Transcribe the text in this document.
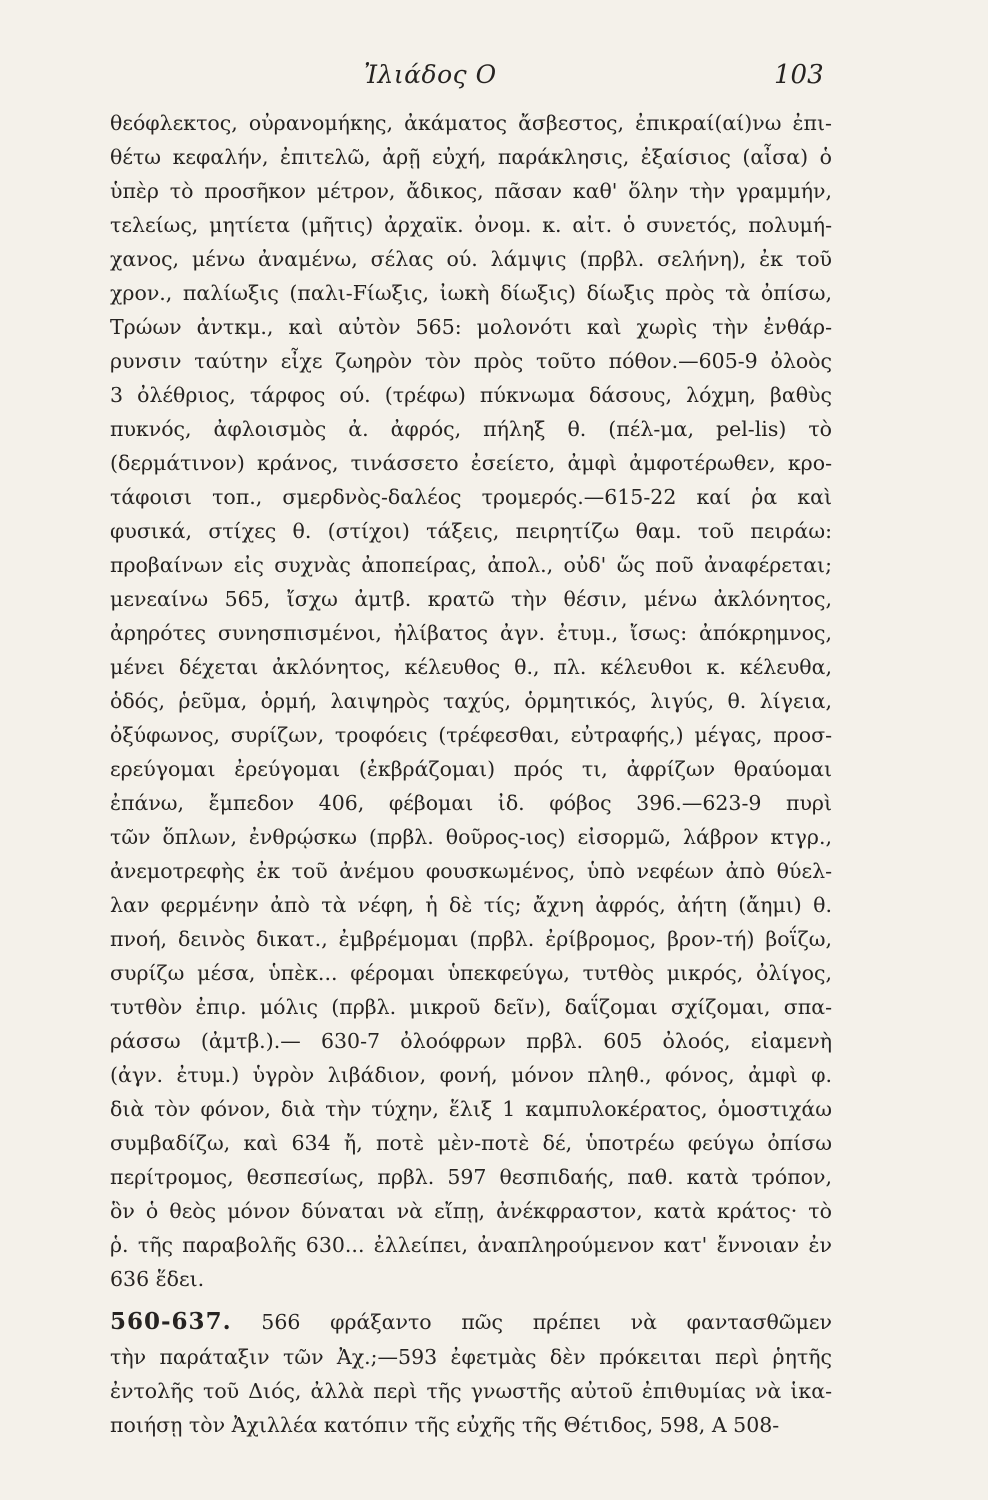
Ἰλιάδος Ο	103
θεόφλεκτος, οὐρανομήκης, ἀκάματος ἄσβεστος, ἐπικραί(αί)νω ἐπι-
θέτω κεφαλήν, ἐπιτελῶ, ἀρῇ εὐχή, παράκλησις, ἐξαίσιος (αἶσα) ὁ
ὑπὲρ τὸ προσῆκον μέτρον, ἄδικος, πᾶσαν καθ' ὅλην τὴν γραμμήν,
τελείως, μητίετα (μῆτις) ἀρχαϊκ. ὀνομ. κ. αἰτ. ὁ συνετός, πολυμή-
χανος, μένω ἀναμένω, σέλας ού. λάμψις (πρβλ. σελήνη), ἐκ τοῦ
χρον., παλίωξις (παλι-Fίωξις, ἰωκὴ δίωξις) δίωξις πρὸς τὰ ὀπίσω,
Τρώων ἀντκμ., καὶ αὐτὸν 565: μολονότι καὶ χωρὶς τὴν ἐνθάρ-
ρυνσιν ταύτην εἶχε ζωηρὸν τὸν πρὸς τοῦτο πόθον.—605-9 ὀλοὸς
3 ὀλέθριος, τάρφος ού. (τρέφω) πύκνωμα δάσους, λόχμη, βαθὺς
πυκνός, ἀφλοισμὸς ἀ. ἀφρός, πήληξ θ. (πέλ-μα, pel-lis) τὸ
(δερμάτινον) κράνος, τινάσσετο ἐσείετο, ἀμφὶ ἀμφοτέρωθεν, κρο-
τάφοισι τοπ., σμερδνὸς-δαλέος τρομερός.—615-22 καί ῥα καὶ
φυσικά, στίχες θ. (στίχοι) τάξεις, πειρητίζω θαμ. τοῦ πειράω:
προβαίνων εἰς συχνὰς ἀποπείρας, ἀπολ., οὐδ' ὥς ποῦ ἀναφέρεται;
μενεαίνω 565, ἴσχω ἀμτβ. κρατῶ τὴν θέσιν, μένω ἀκλόνητος,
ἀρηρότες συνησπισμένοι, ἠλίβατος ἀγν. ἐτυμ., ἴσως: ἀπόκρημνος,
μένει δέχεται ἀκλόνητος, κέλευθος θ., πλ. κέλευθοι κ. κέλευθα,
ὁδός, ῥεῦμα, ὁρμή, λαιψηρὸς ταχύς, ὁρμητικός, λιγύς, θ. λίγεια,
ὀξύφωνος, συρίζων, τροφόεις (τρέφεσθαι, εὐτραφής,) μέγας, προσ-
ερεύγομαι ἐρεύγομαι (ἐκβράζομαι) πρός τι, ἀφρίζων θραύομαι
ἐπάνω, ἔμπεδον 406, φέβομαι ἰδ. φόβος 396.—623-9 πυρὶ
τῶν ὅπλων, ἐνθρῴσκω (πρβλ. θοῦρος-ιος) εἰσορμῶ, λάβρον κτγρ.,
ἀνεμοτρεφὴς ἐκ τοῦ ἀνέμου φουσκωμένος, ὑπὸ νεφέων ἀπὸ θύελ-
λαν φερμένην ἀπὸ τὰ νέφη, ἡ δὲ τίς; ἄχνη ἀφρός, ἀήτη (ἄημι) θ.
πνοή, δεινὸς δικατ., ἐμβρέμομαι (πρβλ. ἐρίβρομος, βρον-τή) βοΐζω,
συρίζω μέσα, ὑπὲκ... φέρομαι ὑπεκφεύγω, τυτθὸς μικρός, ὀλίγος,
τυτθὸν ἐπιρ. μόλις (πρβλ. μικροῦ δεῖν), δαΐζομαι σχίζομαι, σπα-
ράσσω (ἀμτβ.).— 630-7 ὀλοόφρων πρβλ. 605 ὀλοός, εἰαμενὴ
(ἀγν. ἐτυμ.) ὑγρὸν λιβάδιον, φονή, μόνον πληθ., φόνος, ἀμφὶ φ.
διὰ τὸν φόνον, διὰ τὴν τύχην, ἕλιξ 1 καμπυλοκέρατος, ὁμοστιχάω
συμβαδίζω, καὶ 634 ἤ, ποτὲ μὲν-ποτὲ δέ, ὑποτρέω φεύγω ὀπίσω
περίτρομος, θεσπεσίως, πρβλ. 597 θεσπιδαής, παθ. κατὰ τρόπον,
ὃν ὁ θεὸς μόνον δύναται νὰ εἴπῃ, ἀνέκφραστον, κατὰ κράτος· τὸ
ῥ. τῆς παραβολῆς 630... ἐλλείπει, ἀναπληρούμενον κατ' ἔννοιαν ἐν
636 ἕδει.
560-637. 566 φράξαντο πῶς πρέπει νὰ φαντασθῶμεν
τὴν παράταξιν τῶν Ἀχ.;—593 ἐφετμὰς δὲν πρόκειται περὶ ῥητῆς
ἐντολῆς τοῦ Διός, ἀλλὰ περὶ τῆς γνωστῆς αὐτοῦ ἐπιθυμίας νὰ ἱκα-
ποιήσῃ τὸν Ἀχιλλέα κατόπιν τῆς εὐχῆς τῆς Θέτιδος, 598, Α 508-
